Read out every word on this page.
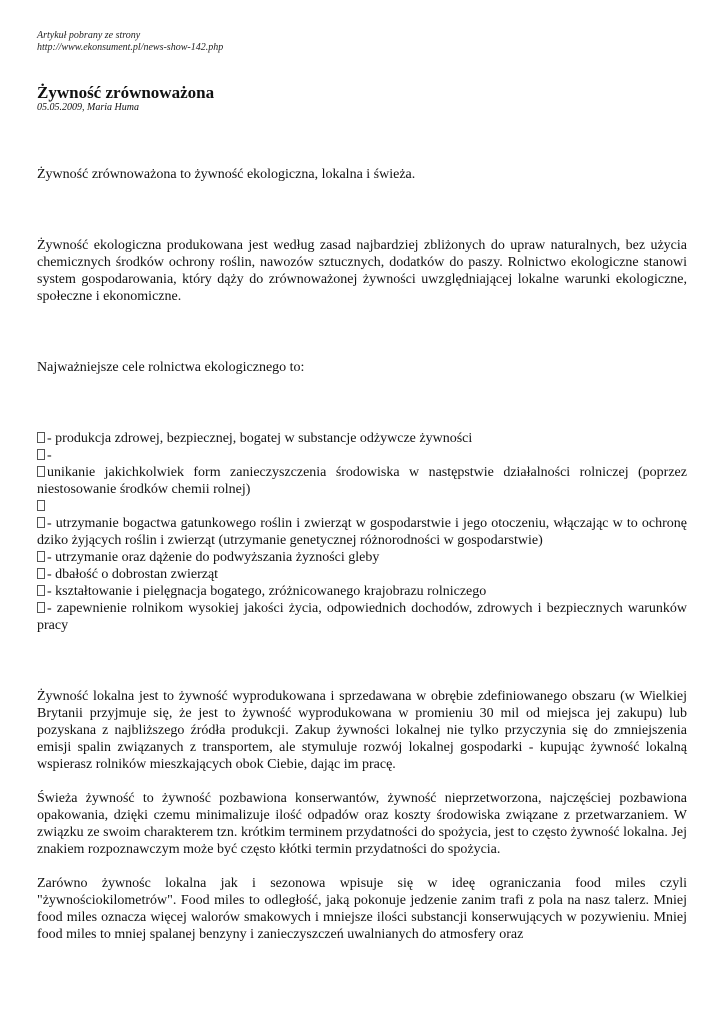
Artykuł pobrany ze strony
http://www.ekonsument.pl/news-show-142.php
Żywność zrównoważona
05.05.2009, Maria Huma

Żywność zrównoważona to żywność ekologiczna, lokalna i świeża.

Żywność ekologiczna produkowana jest według zasad najbardziej zbliżonych do upraw naturalnych, bez użycia chemicznych środków ochrony roślin, nawozów sztucznych, dodatków do paszy. Rolnictwo ekologiczne stanowi system gospodarowania, który dąży do zrównoważonej żywności uwzględniającej lokalne warunki ekologiczne, społeczne i ekonomiczne.

Najważniejsze cele rolnictwa ekologicznego to:

- produkcja zdrowej, bezpiecznej, bogatej w substancje odżywcze żywności
-
unikanie jakichkolwiek form zanieczyszczenia środowiska w następstwie działalności rolniczej (poprzez niestosowanie środków chemii rolnej)
- utrzymanie bogactwa gatunkowego roślin i zwierząt w gospodarstwie i jego otoczeniu, włączając w to ochronę dziko żyjących roślin i zwierząt (utrzymanie genetycznej różnorodności w gospodarstwie)
- utrzymanie oraz dążenie do podwyższania żyzności gleby
- dbałość o dobrostan zwierząt
- kształtowanie i pielęgnacja bogatego, zróżnicowanego krajobrazu rolniczego
- zapewnienie rolnikom wysokiej jakości życia, odpowiednich dochodów, zdrowych i bezpiecznych warunków pracy

Żywność lokalna jest to żywność wyprodukowana i sprzedawana w obrębie zdefiniowanego obszaru (w Wielkiej Brytanii przyjmuje się, że jest to żywność wyprodukowana w promieniu 30 mil od miejsca jej zakupu) lub pozyskana z najbliższego źródła produkcji. Zakup żywności lokalnej nie tylko przyczynia się do zmniejszenia emisji spalin związanych z transportem, ale stymuluje rozwój lokalnej gospodarki - kupując żywność lokalną wspierasz rolników mieszkających obok Ciebie, dając im pracę.

Świeża żywność to żywność pozbawiona konserwantów, żywność nieprzetworzona, najczęściej pozbawiona opakowania, dzięki czemu minimalizuje ilość odpadów oraz koszty środowiska związane z przetwarzaniem. W związku ze swoim charakterem tzn. krótkim terminem przydatności do spożycia, jest to często żywność lokalna. Jej znakiem rozpoznawczym może być często kłótki termin przydatności do spożycia.

Zarówno żywnośc lokalna jak i sezonowa wpisuje się w ideę ograniczania food miles czyli "żywnościokilometrów". Food miles to odległość, jaką pokonuje jedzenie zanim trafi z pola na nasz talerz. Mniej food miles oznacza więcej walorów smakowych i mniejsze ilości substancji konserwujących w pozywieniu. Mniej food miles to mniej spalanej benzyny i zanieczyszczeń uwalnianych do atmosfery oraz
